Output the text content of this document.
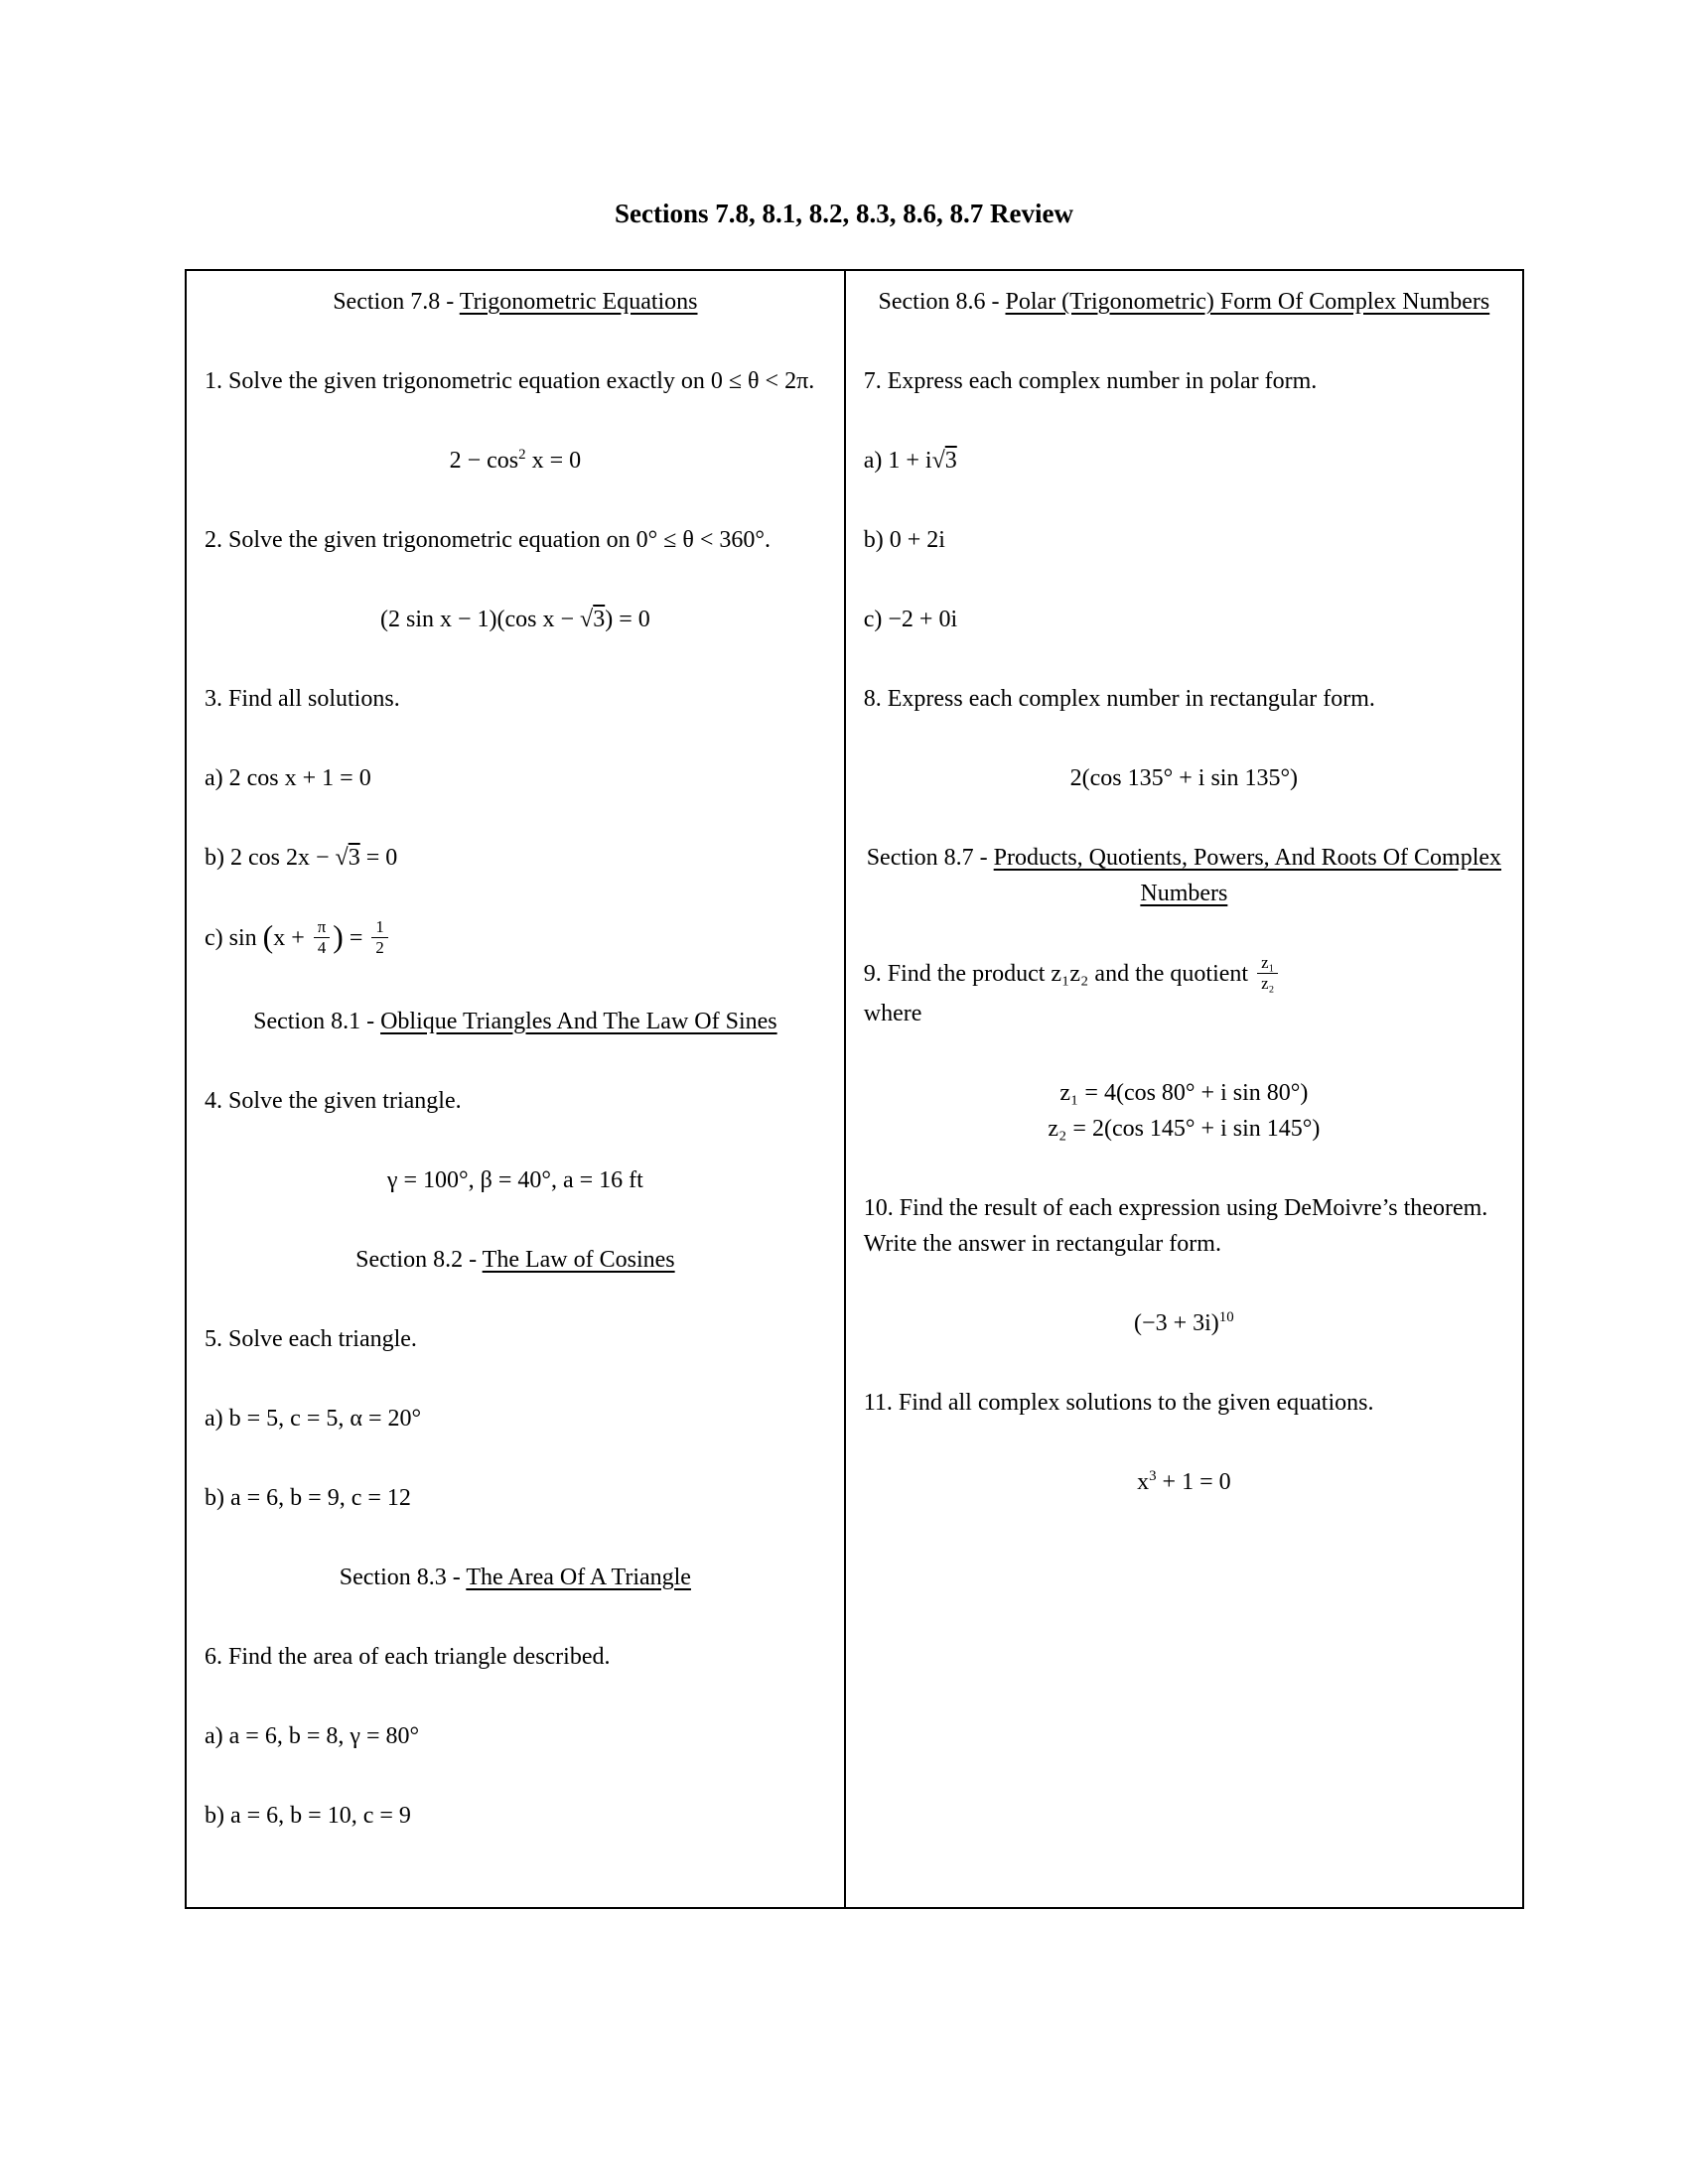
Sections 7.8, 8.1, 8.2, 8.3, 8.6, 8.7 Review
Section 7.8 - Trigonometric Equations
1. Solve the given trigonometric equation exactly on 0 ≤ θ < 2π.
$2 - \cos^2 x = 0$
2. Solve the given trigonometric equation on 0° ≤ θ < 360°.
(2 sin x − 1)(cos x − √3) = 0
3. Find all solutions.
a) 2 cos x + 1 = 0
b) 2 cos 2x − √3 = 0
c) $\sin (x + \frac{\pi}{4}$ ) = $\frac{1}{2}$
Section 8.1 - Oblique Triangles And The Law Of Sines
4. Solve the given triangle.
γ = 100°, β = 40°, a = 16 ft
Section 8.2 - The Law of Cosines
5. Solve each triangle.
a) b = 5, c = 5, α = 20°
b) a = 6, b = 9, c = 12
Section 8.3 - The Area Of A Triangle
6. Find the area of each triangle described.
a) a = 6, b = 8, γ = 80°
b) a = 6, b = 10, c = 9
Section 8.6 - Polar (Trigonometric) Form Of Complex Numbers
7. Express each complex number in polar form.
a) 1 + i√3
b) 0 + 2i
c) −2 + 0i
8. Express each complex number in rectangular form.
2(cos 135° + i sin 135°)
Section 8.7 - Products, Quotients, Powers, And Roots Of Complex Numbers
9. Find the product z₁z₂ and the quotient $\frac{\text{z₁}}{\text{z₂}}$
where
z₁ = 4(cos 80° + i sin 80°)
z₂ = 2(cos 145° + i sin 145°)
10. Find the result of each expression using DeMoivre’s theorem. Write the answer in rectangular form.
$(-3 + 3i)^{10}$
11. Find all complex solutions to the given equations.
$x^3 + 1 = 0$
